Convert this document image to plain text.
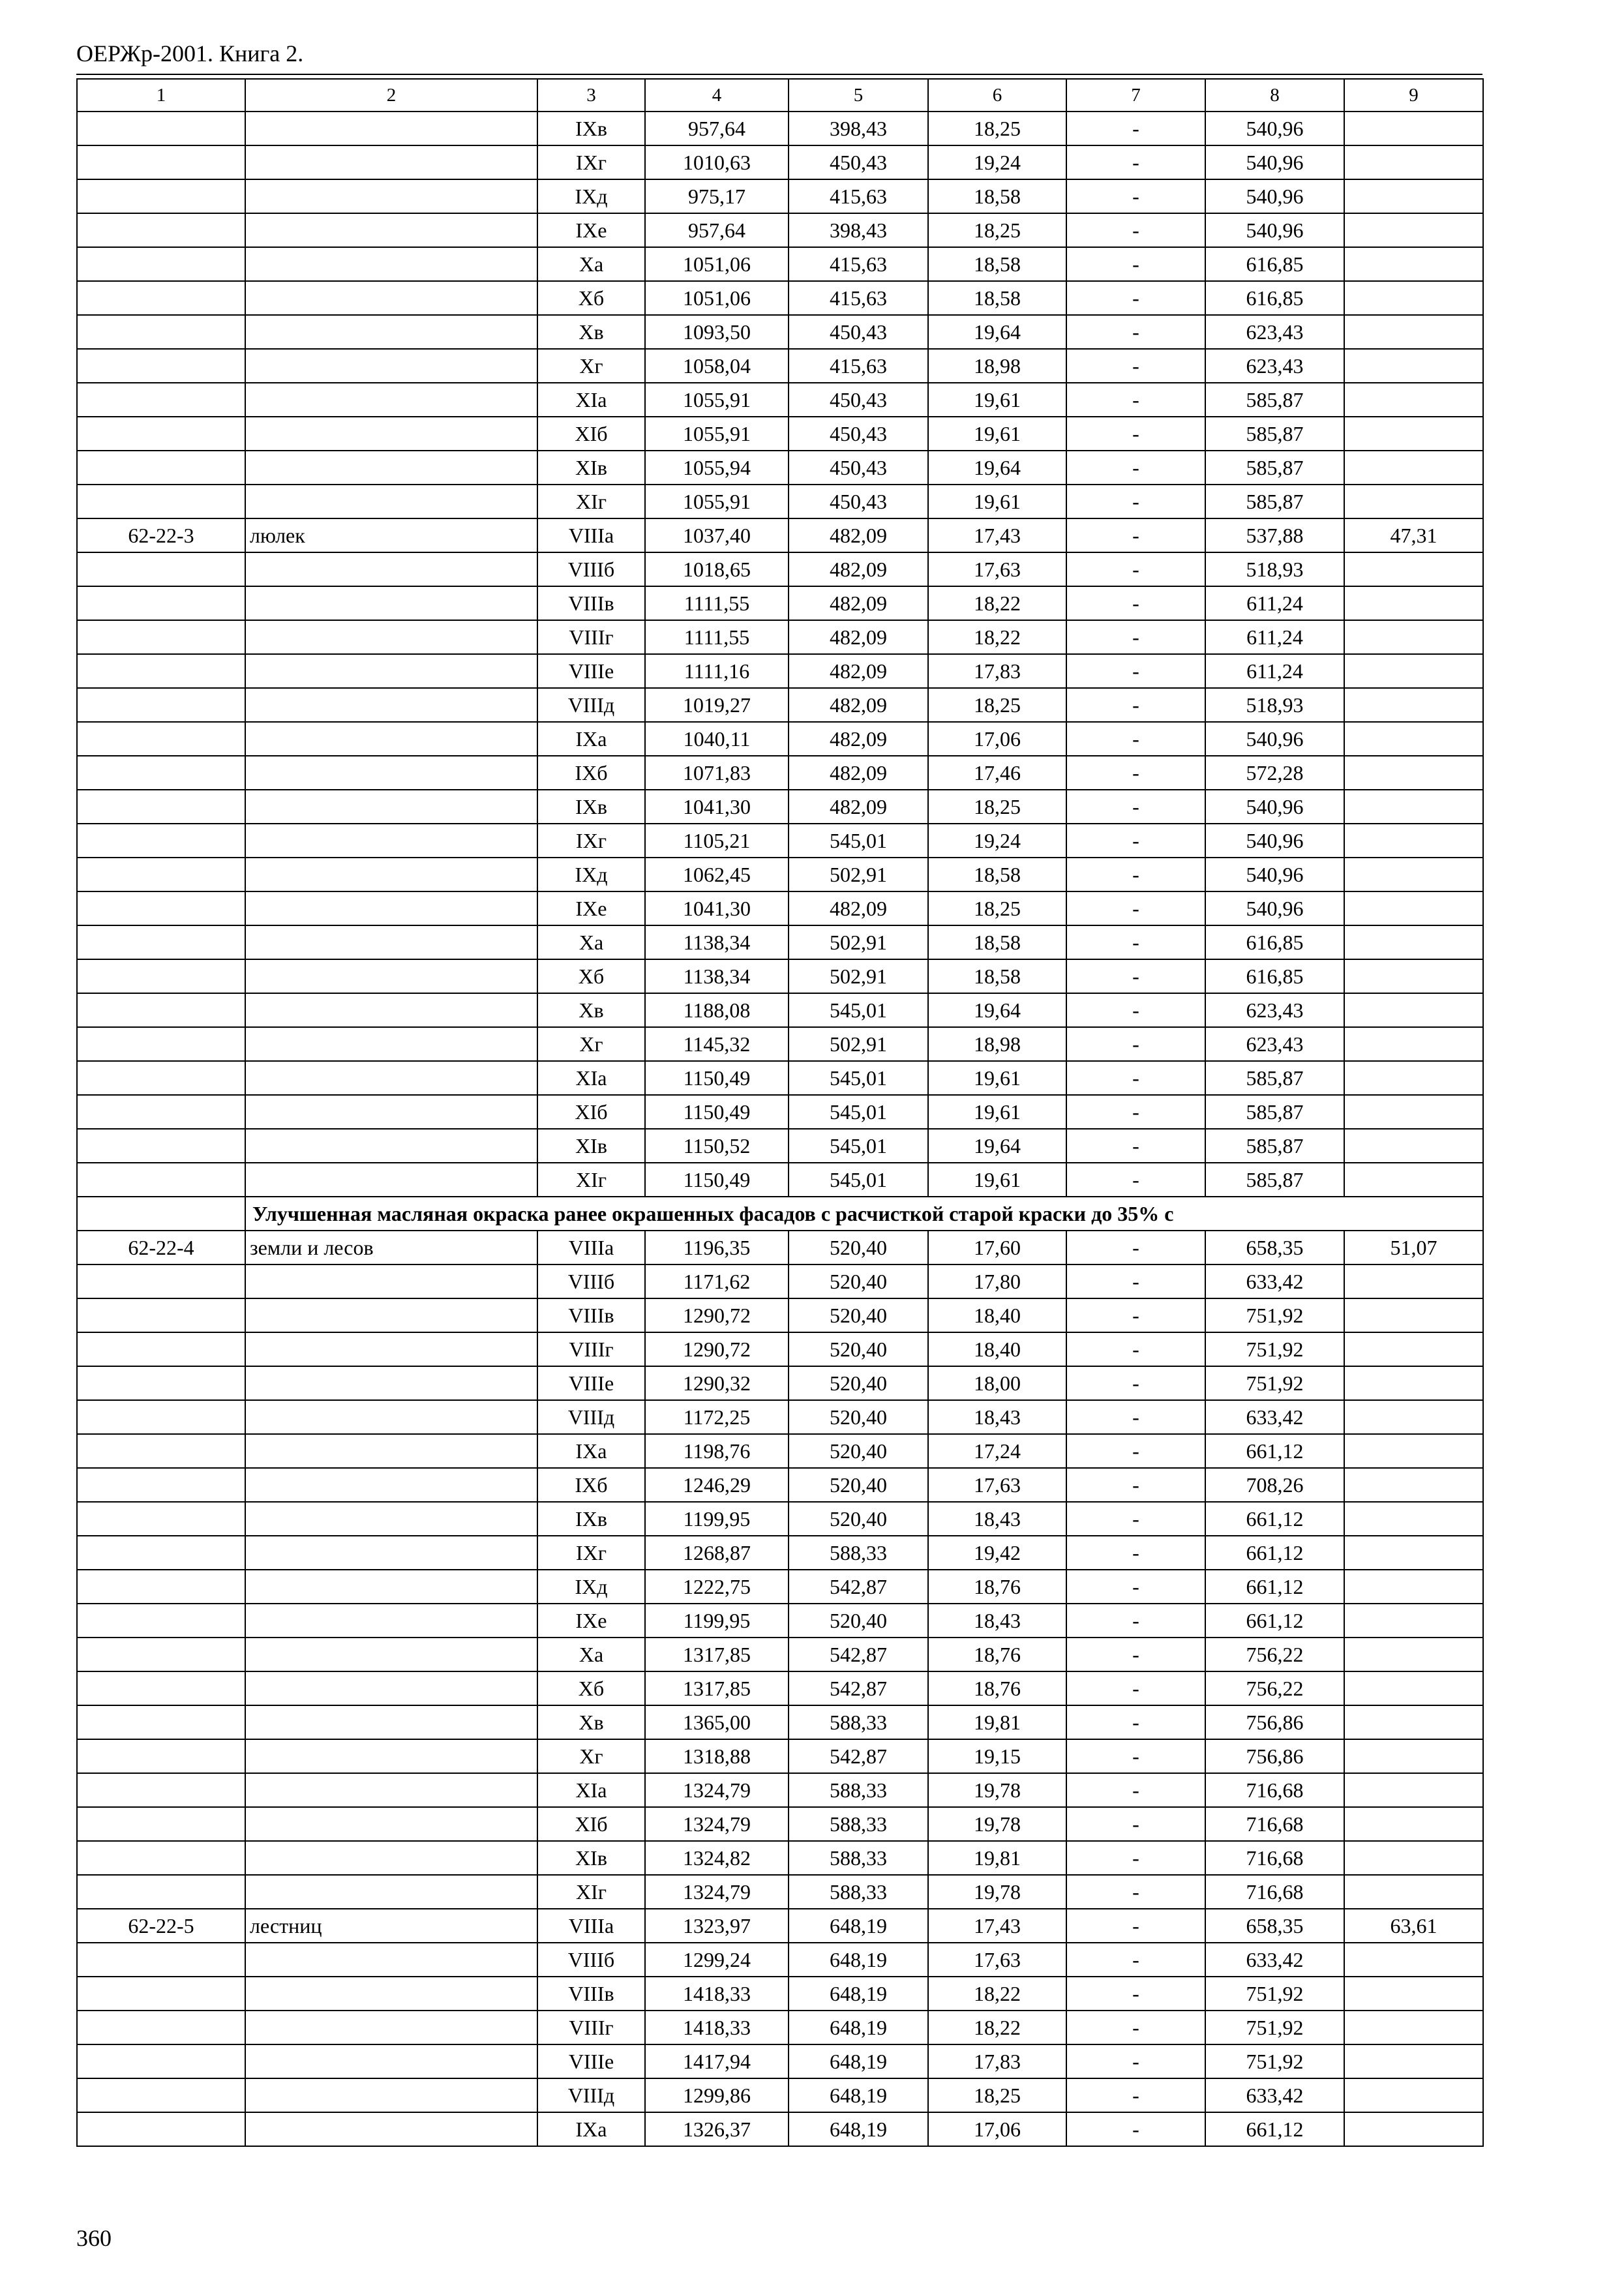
ОЕРЖр-2001. Книга 2.
1	2	3	4	5	6	7	8	9
		IXв	957,64	398,43	18,25	-	540,96	
		IXг	1010,63	450,43	19,24	-	540,96	
		IXд	975,17	415,63	18,58	-	540,96	
		IXе	957,64	398,43	18,25	-	540,96	
		Xа	1051,06	415,63	18,58	-	616,85	
		Xб	1051,06	415,63	18,58	-	616,85	
		Xв	1093,50	450,43	19,64	-	623,43	
		Xг	1058,04	415,63	18,98	-	623,43	
		XIа	1055,91	450,43	19,61	-	585,87	
		XIб	1055,91	450,43	19,61	-	585,87	
		XIв	1055,94	450,43	19,64	-	585,87	
		XIг	1055,91	450,43	19,61	-	585,87	
62-22-3	люлек	VIIIа	1037,40	482,09	17,43	-	537,88	47,31
		VIIIб	1018,65	482,09	17,63	-	518,93	
		VIIIв	1111,55	482,09	18,22	-	611,24	
		VIIIг	1111,55	482,09	18,22	-	611,24	
		VIIIе	1111,16	482,09	17,83	-	611,24	
		VIIIд	1019,27	482,09	18,25	-	518,93	
		IXа	1040,11	482,09	17,06	-	540,96	
		IXб	1071,83	482,09	17,46	-	572,28	
		IXв	1041,30	482,09	18,25	-	540,96	
		IXг	1105,21	545,01	19,24	-	540,96	
		IXд	1062,45	502,91	18,58	-	540,96	
		IXе	1041,30	482,09	18,25	-	540,96	
		Xа	1138,34	502,91	18,58	-	616,85	
		Xб	1138,34	502,91	18,58	-	616,85	
		Xв	1188,08	545,01	19,64	-	623,43	
		Xг	1145,32	502,91	18,98	-	623,43	
		XIа	1150,49	545,01	19,61	-	585,87	
		XIб	1150,49	545,01	19,61	-	585,87	
		XIв	1150,52	545,01	19,64	-	585,87	
		XIг	1150,49	545,01	19,61	-	585,87	
	Улучшенная масляная окраска ранее окрашенных фасадов с расчисткой старой краски до 35% с							
62-22-4	земли и лесов	VIIIа	1196,35	520,40	17,60	-	658,35	51,07
		VIIIб	1171,62	520,40	17,80	-	633,42	
		VIIIв	1290,72	520,40	18,40	-	751,92	
		VIIIг	1290,72	520,40	18,40	-	751,92	
		VIIIе	1290,32	520,40	18,00	-	751,92	
		VIIIд	1172,25	520,40	18,43	-	633,42	
		IXа	1198,76	520,40	17,24	-	661,12	
		IXб	1246,29	520,40	17,63	-	708,26	
		IXв	1199,95	520,40	18,43	-	661,12	
		IXг	1268,87	588,33	19,42	-	661,12	
		IXд	1222,75	542,87	18,76	-	661,12	
		IXе	1199,95	520,40	18,43	-	661,12	
		Xа	1317,85	542,87	18,76	-	756,22	
		Xб	1317,85	542,87	18,76	-	756,22	
		Xв	1365,00	588,33	19,81	-	756,86	
		Xг	1318,88	542,87	19,15	-	756,86	
		XIа	1324,79	588,33	19,78	-	716,68	
		XIб	1324,79	588,33	19,78	-	716,68	
		XIв	1324,82	588,33	19,81	-	716,68	
		XIг	1324,79	588,33	19,78	-	716,68	
62-22-5	лестниц	VIIIа	1323,97	648,19	17,43	-	658,35	63,61
		VIIIб	1299,24	648,19	17,63	-	633,42	
		VIIIв	1418,33	648,19	18,22	-	751,92	
		VIIIг	1418,33	648,19	18,22	-	751,92	
		VIIIе	1417,94	648,19	17,83	-	751,92	
		VIIIд	1299,86	648,19	18,25	-	633,42	
		IXа	1326,37	648,19	17,06	-	661,12	
360
